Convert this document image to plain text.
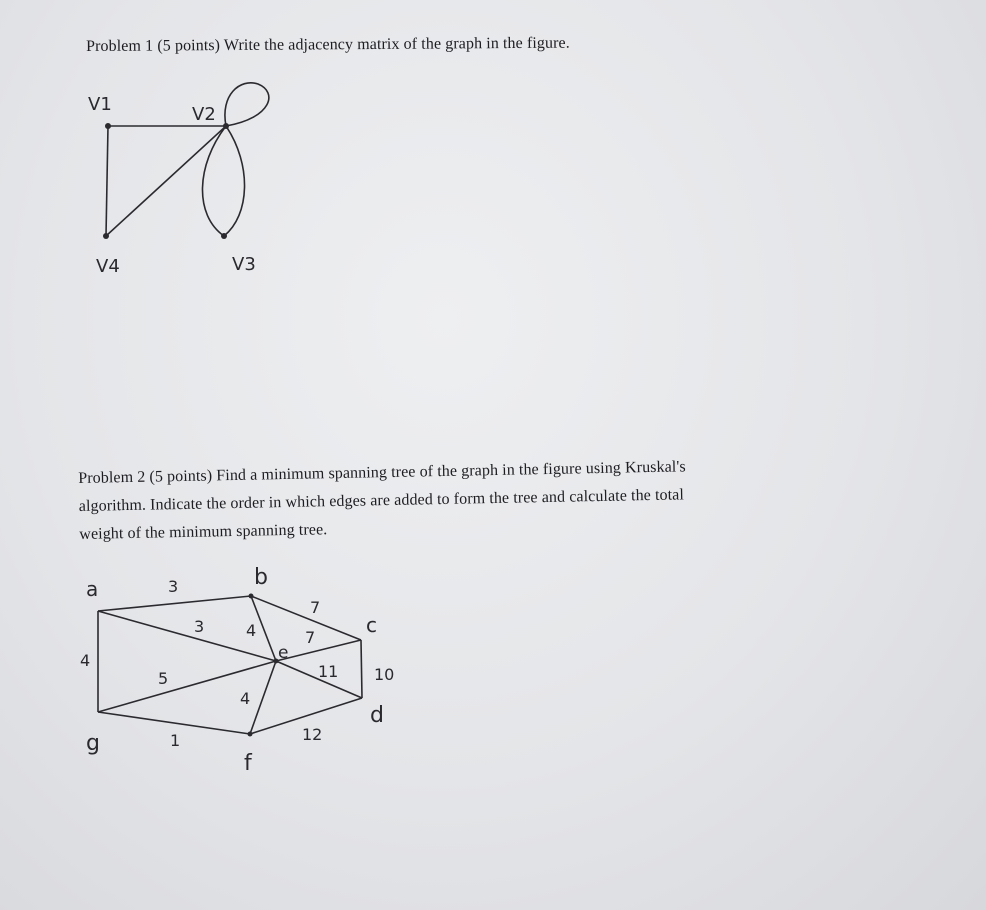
Problem 1 (5 points) Write the adjacency matrix of the graph in the figure.
Problem 2 (5 points) Find a minimum spanning tree of the graph in the figure using Kruskal's
algorithm. Indicate the order in which edges are added to form the tree and calculate the total
weight of the minimum spanning tree.
V1	V2
V3
V4
a	b
c
d
e
f
g
3
3	4
7
7
11 10
4
5
4
1	12
